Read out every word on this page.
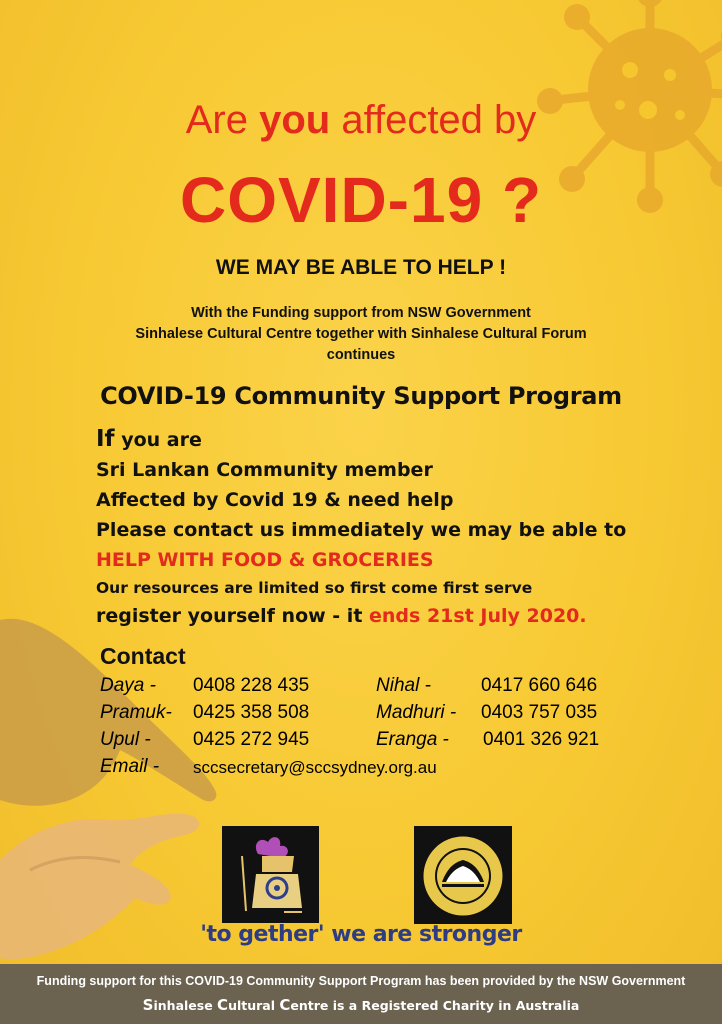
Are you affected by
COVID-19 ?
WE MAY BE ABLE TO HELP !
With the Funding support from NSW Government
Sinhalese Cultural Centre together with Sinhalese Cultural Forum
continues
COVID-19 Community Support Program
If you are
Sri Lankan Community member
Affected by Covid 19 & need help
Please contact us immediately we may be able to
HELP WITH FOOD & GROCERIES
Our resources are limited so first come first serve
register yourself now - it ends 21st July 2020.
Contact
Daya - 0408 228 435	Nihal -	0417 660 646
Pramuk- 0425 358 508	Madhuri - 0403 757 035
Upul - 0425 272 945	Eranga - 0401 326 921
Email - sccsecretary@sccsydney.org.au
'to gether' we are stronger
Funding support for this COVID-19 Community Support Program has been provided by the NSW Government
Sinhalese Cultural Centre is a Registered Charity in Australia
